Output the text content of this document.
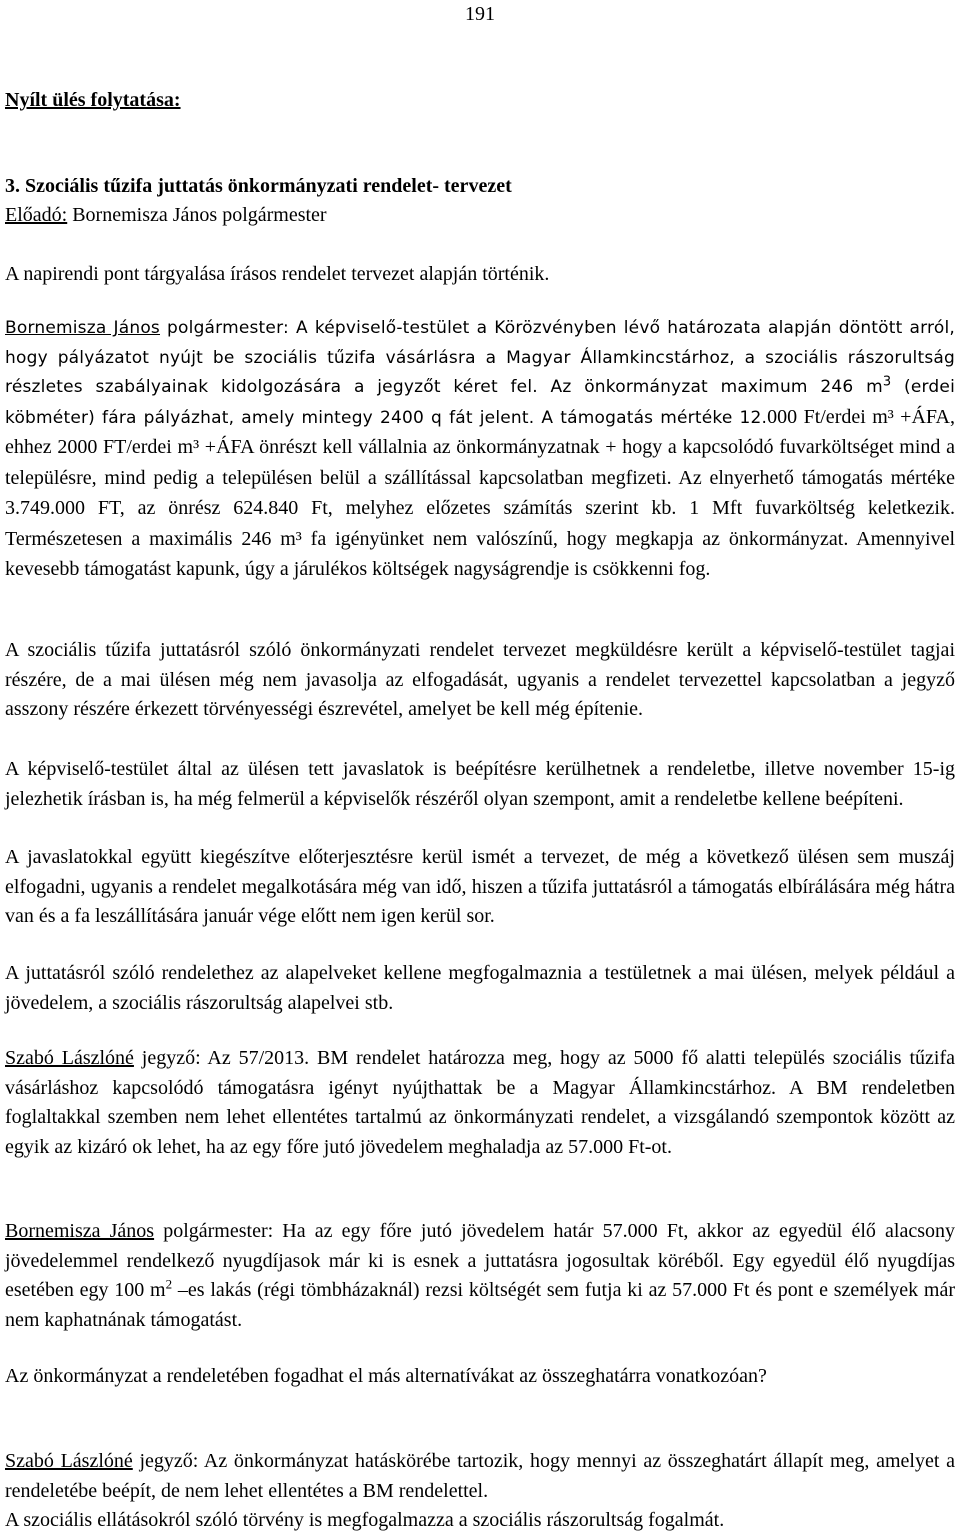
191

Nyílt ülés folytatása:

3. Szociális tűzifa juttatás önkormányzati rendelet- tervezet

Előadó: Bornemisza János polgármester

A napirendi pont tárgyalása írásos rendelet tervezet alapján történik.

Bornemisza János polgármester: A képviselő-testület a Körözvényben lévő határozata alapján döntött arról, hogy pályázatot nyújt be szociális tűzifa vásárlásra a Magyar Államkincstárhoz, a szociális rászorultság részletes szabályainak kidolgozására a jegyzőt kéret fel. Az önkormányzat maximum 246 $m^3$ (erdei köbméter) fára pályázhat, amely mintegy 2400 q fát jelent. A támogatás mértéke 12.000 Ft/erdei m³ +ÁFA, ehhez 2000 FT/erdei m³ +ÁFA önrészt kell vállalnia az önkormányzatnak + hogy a kapcsolódó fuvarköltséget mind a településre, mind pedig a településen belül a szállítással kapcsolatban megfizeti. Az elnyerhető támogatás mértéke 3.749.000 FT, az önrész 624.840 Ft, melyhez előzetes számítás szerint kb. 1 Mft fuvarköltség keletkezik. Természetesen a maximális 246 m³ fa igényünket nem valószínű, hogy megkapja az önkormányzat. Amennyivel kevesebb támogatást kapunk, úgy a járulékos költségek nagyságrendje is csökkenni fog.

A szociális tűzifa juttatásról szóló önkormányzati rendelet tervezet megküldésre került a képviselő-testület tagjai részére, de a mai ülésen még nem javasolja az elfogadását, ugyanis a rendelet tervezettel kapcsolatban a jegyző asszony részére érkezett törvényességi észrevétel, amelyet be kell még építenie.

A képviselő-testület által az ülésen tett javaslatok is beépítésre kerülhetnek a rendeletbe, illetve november 15-ig jelezhetik írásban is, ha még felmerül a képviselők részéről olyan szempont, amit a rendeletbe kellene beépíteni.

A javaslatokkal együtt kiegészítve előterjesztésre kerül ismét a tervezet, de még a következő ülésen sem muszáj elfogadni, ugyanis a rendelet megalkotására még van idő, hiszen a tűzifa juttatásról a támogatás elbírálására még hátra van és a fa leszállítására január vége előtt nem igen kerül sor.

A juttatásról szóló rendelethez az alapelveket kellene megfogalmaznia a testületnek a mai ülésen, melyek például a jövedelem, a szociális rászorultság alapelvei stb.

Szabó Lászlóné jegyző: Az 57/2013. BM rendelet határozza meg, hogy az 5000 fő alatti település szociális tűzifa vásárláshoz kapcsolódó támogatásra igényt nyújthattak be a Magyar Államkincstárhoz. A BM rendeletben foglaltakkal szemben nem lehet ellentétes tartalmú az önkormányzati rendelet, a vizsgálandó szempontok között az egyik az kizáró ok lehet, ha az egy főre jutó jövedelem meghaladja az 57.000 Ft-ot.

Bornemisza János polgármester: Ha az egy főre jutó jövedelem határ 57.000 Ft, akkor az egyedül élő alacsony jövedelemmel rendelkező nyugdíjasok már ki is esnek a juttatásra jogosultak köréből. Egy egyedül élő nyugdíjas esetében egy 100 $m^2$ –es lakás (régi tömbházaknál) rezsi költségét sem futja ki az 57.000 Ft és pont e személyek már nem kaphatnának támogatást.

Az önkormányzat a rendeletében fogadhat el más alternatívákat az összeghatárra vonatkozóan?

Szabó Lászlóné jegyző: Az önkormányzat hatáskörébe tartozik, hogy mennyi az összeghatárt állapít meg, amelyet a rendeletébe beépít, de nem lehet ellentétes a BM rendelettel.

A szociális ellátásokról szóló törvény is megfogalmazza a szociális rászorultság fogalmát.
